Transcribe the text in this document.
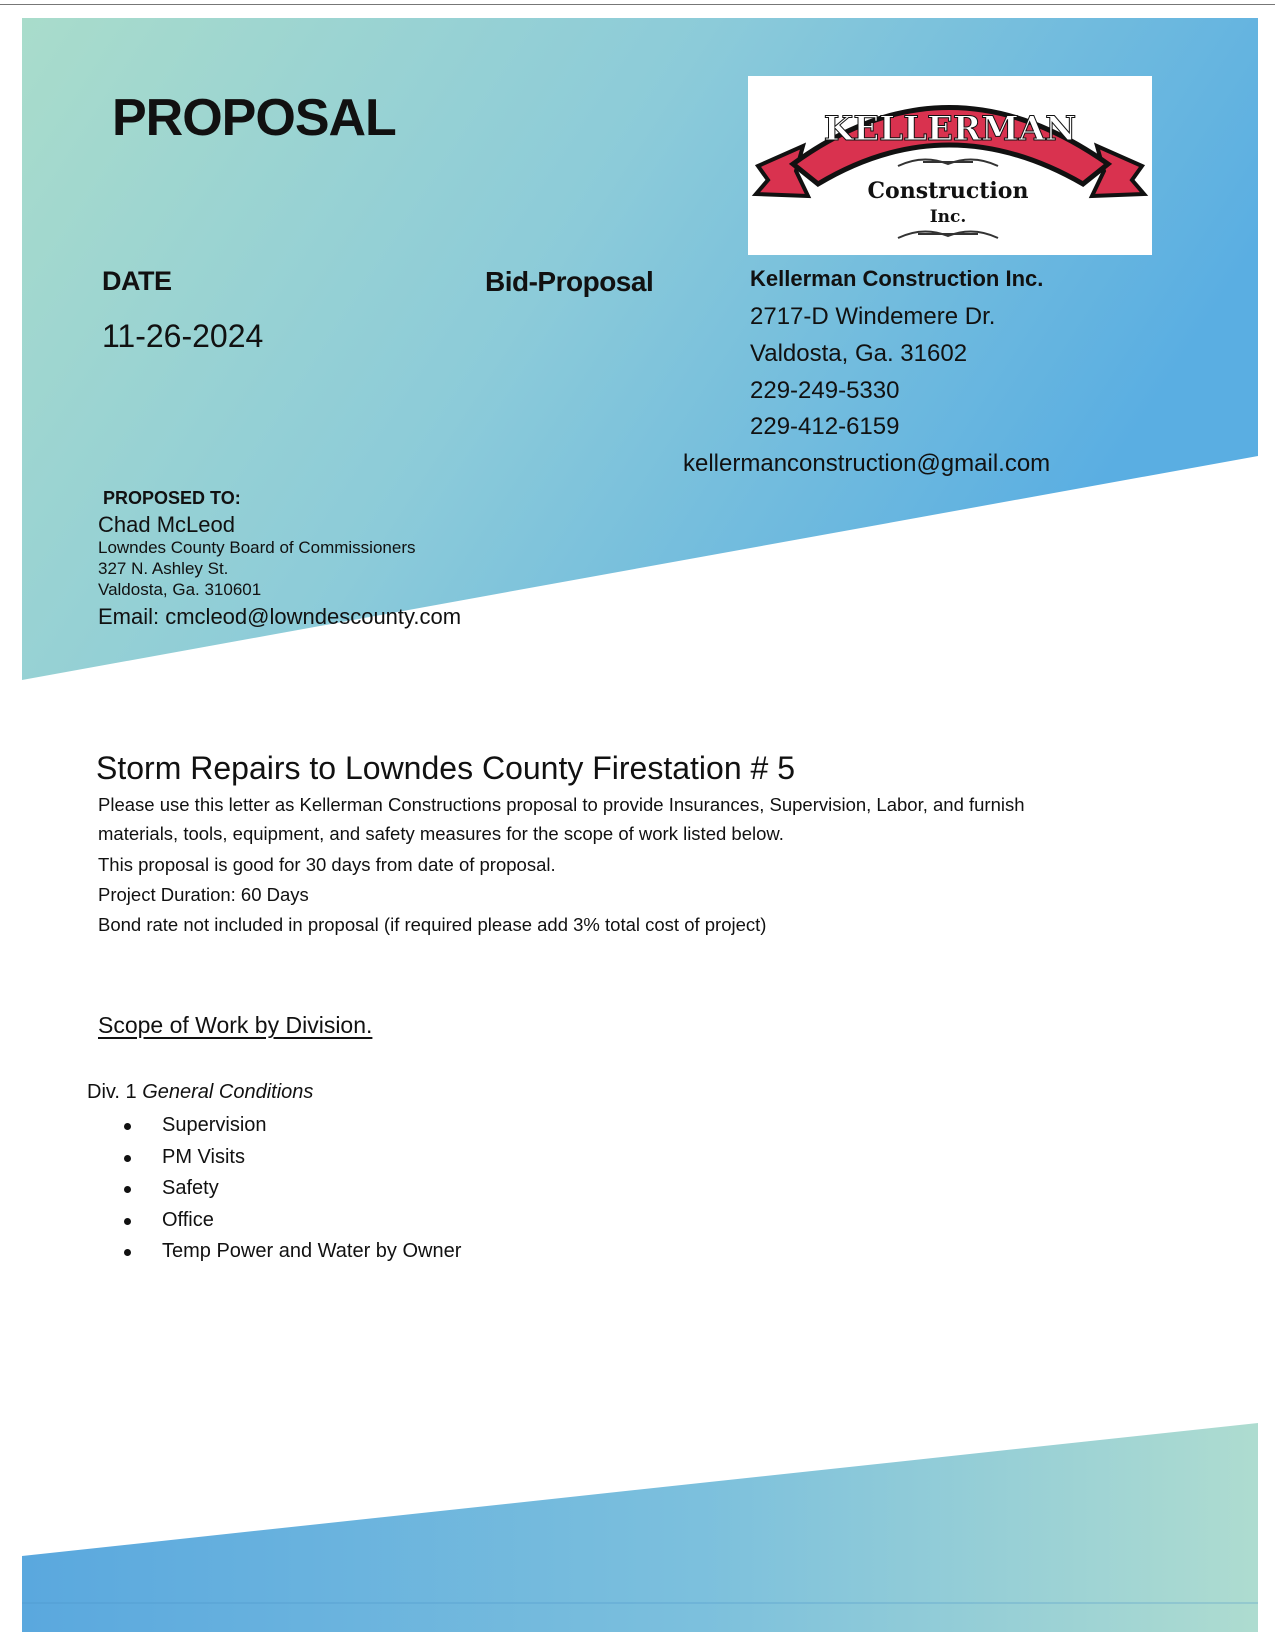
PROPOSAL	KELLERMAN
Construction
Inc.
DATE
11-26-2024
Bid-Proposal	Kellerman Construction Inc.
2717-D Windemere Dr.
Valdosta, Ga. 31602
229-249-5330
229-412-6159
kellermanconstruction@gmail.com
PROPOSED TO:
Chad McLeod
Lowndes County Board of Commissioners
327 N. Ashley St.
Valdosta, Ga. 310601
Email: cmcleod@lowndescounty.com
Storm Repairs to Lowndes County Firestation # 5
Please use this letter as Kellerman Constructions proposal to provide Insurances, Supervision, Labor, and furnish
materials, tools, equipment, and safety measures for the scope of work listed below.
This proposal is good for 30 days from date of proposal.
Project Duration: 60 Days
Bond rate not included in proposal (if required please add 3% total cost of project)
Scope of Work by Division.
Div. 1 General Conditions
Supervision
PM Visits
Safety
Office
Temp Power and Water by Owner
